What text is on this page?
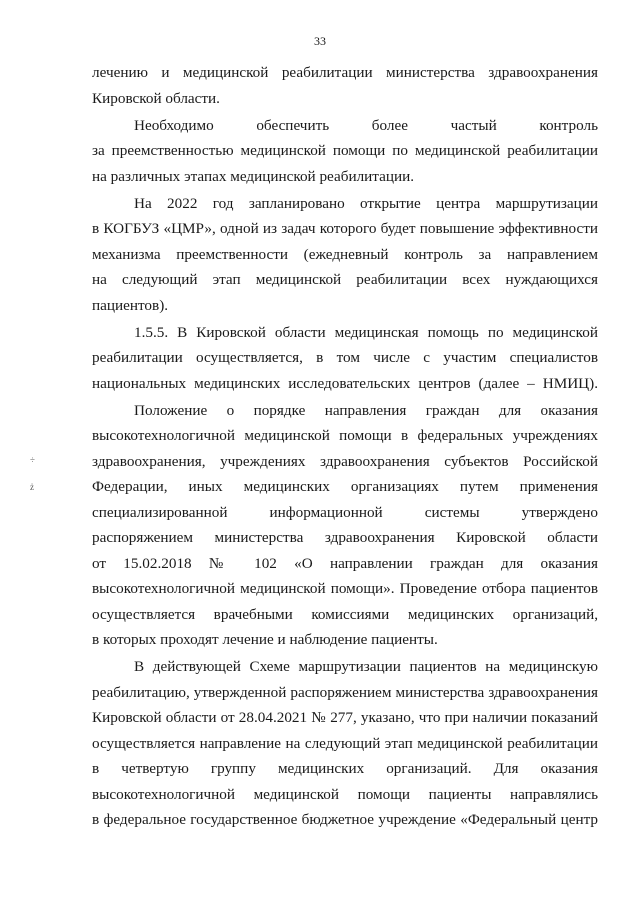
33
÷
ż
лечению и медицинской реабилитации министерства здравоохранения
Кировской области.
Необходимо обеспечить более частый контроль
за преемственностью медицинской помощи по медицинской реабилитации
на различных этапах медицинской реабилитации.
На 2022 год запланировано открытие центра маршрутизации
в КОГБУЗ «ЦМР», одной из задач которого будет повышение эффективности
механизма преемственности (ежедневный контроль за направлением
на следующий этап медицинской реабилитации всех нуждающихся
пациентов).
1.5.5. В Кировской области медицинская помощь по медицинской
реабилитации осуществляется, в том числе с участим специалистов
национальных медицинских исследовательских центров (далее – НМИЦ).
Положение о порядке направления граждан для оказания
высокотехнологичной медицинской помощи в федеральных учреждениях
здравоохранения, учреждениях здравоохранения субъектов Российской
Федерации, иных медицинских организациях путем применения
специализированной информационной системы утверждено
распоряжением министерства здравоохранения Кировской области
от 15.02.2018 № 102 «О направлении граждан для оказания
высокотехнологичной медицинской помощи». Проведение отбора пациентов
осуществляется врачебными комиссиями медицинских организаций,
в которых проходят лечение и наблюдение пациенты.
В действующей Схеме маршрутизации пациентов на медицинскую
реабилитацию, утвержденной распоряжением министерства здравоохранения
Кировской области от 28.04.2021 № 277, указано, что при наличии показаний
осуществляется направление на следующий этап медицинской реабилитации
в четвертую группу медицинских организаций. Для оказания
высокотехнологичной медицинской помощи пациенты направлялись
в федеральное государственное бюджетное учреждение «Федеральный центр
